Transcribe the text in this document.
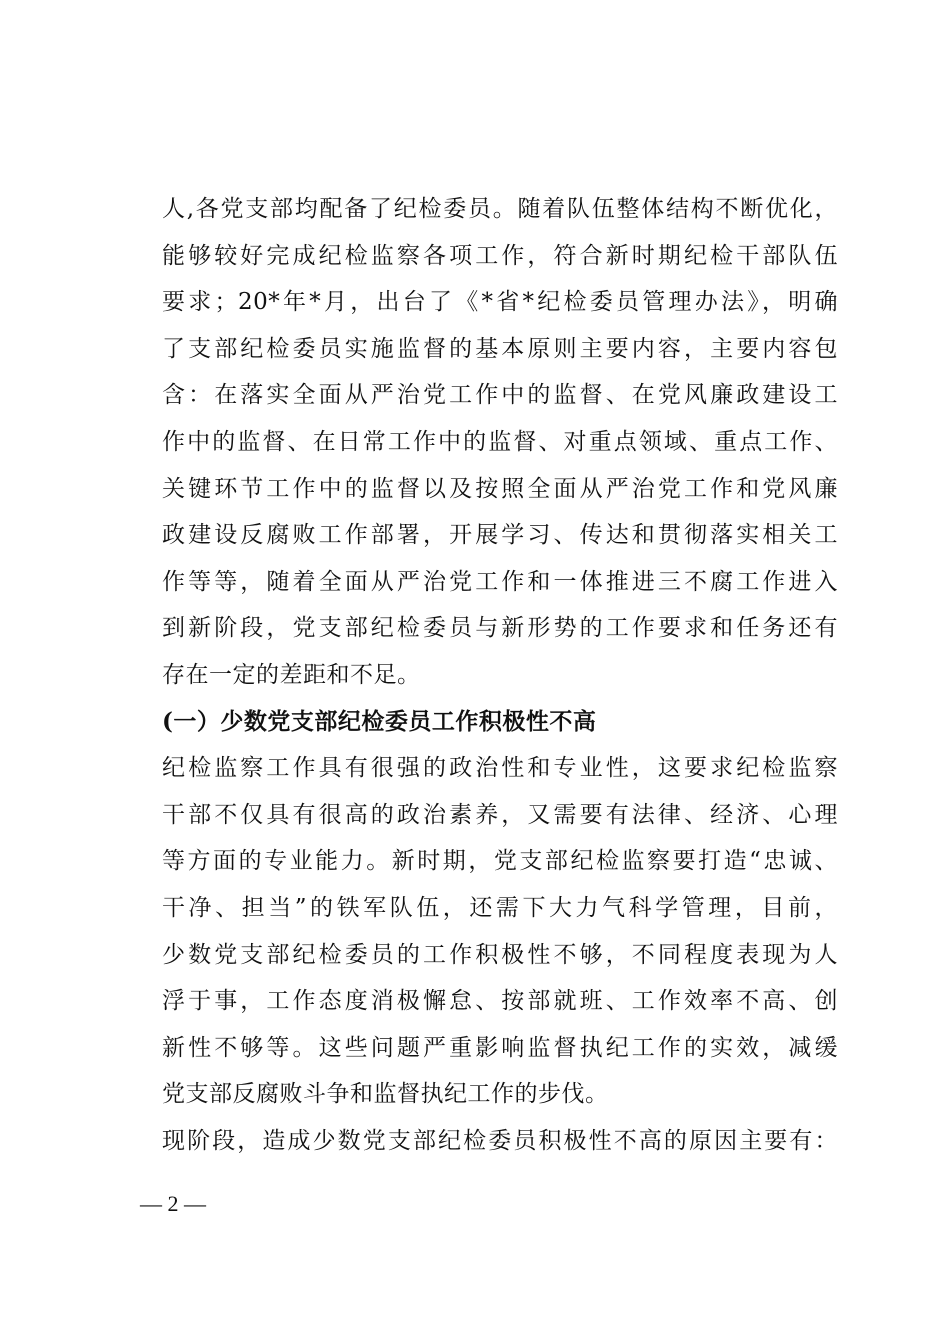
人,各党支部均配备了纪检委员。随着队伍整体结构不断优化，
能够较好完成纪检监察各项工作，符合新时期纪检干部队伍
要求；20*年*月，出台了《*省*纪检委员管理办法》，明确
了支部纪检委员实施监督的基本原则主要内容，主要内容包
含：在落实全面从严治党工作中的监督、在党风廉政建设工
作中的监督、在日常工作中的监督、对重点领域、重点工作、
关键环节工作中的监督以及按照全面从严治党工作和党风廉
政建设反腐败工作部署，开展学习、传达和贯彻落实相关工
作等等，随着全面从严治党工作和一体推进三不腐工作进入
到新阶段，党支部纪检委员与新形势的工作要求和任务还有
存在一定的差距和不足。
(一）少数党支部纪检委员工作积极性不高
纪检监察工作具有很强的政治性和专业性，这要求纪检监察
干部不仅具有很高的政治素养，又需要有法律、经济、心理
等方面的专业能力。新时期，党支部纪检监察要打造“忠诚、
干净、担当”的铁军队伍，还需下大力气科学管理，目前，
少数党支部纪检委员的工作积极性不够，不同程度表现为人
浮于事，工作态度消极懈怠、按部就班、工作效率不高、创
新性不够等。这些问题严重影响监督执纪工作的实效，减缓
党支部反腐败斗争和监督执纪工作的步伐。
现阶段，造成少数党支部纪检委员积极性不高的原因主要有：
— 2 —
